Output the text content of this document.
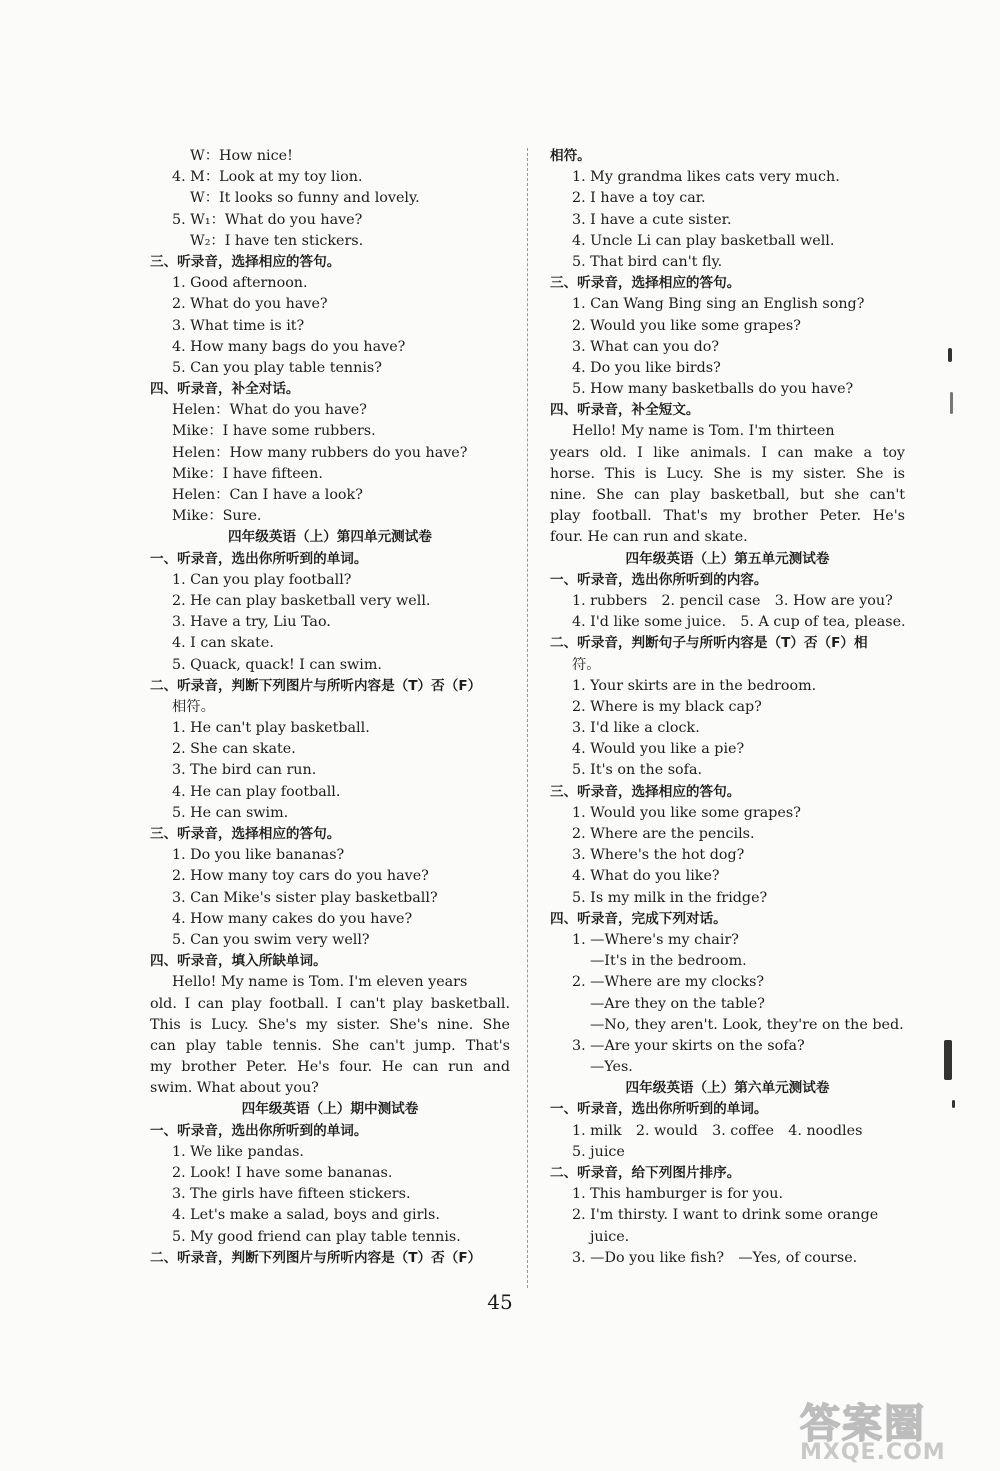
W：How nice!
4. M：Look at my toy lion.
W：It looks so funny and lovely.
5. W₁：What do you have?
W₂：I have ten stickers.
三、听录音，选择相应的答句。
1. Good afternoon.
2. What do you have?
3. What time is it?
4. How many bags do you have?
5. Can you play table tennis?
四、听录音，补全对话。
Helen：What do you have?
Mike：I have some rubbers.
Helen：How many rubbers do you have?
Mike：I have fifteen.
Helen：Can I have a look?
Mike：Sure.
四年级英语（上）第四单元测试卷
一、听录音，选出你所听到的单词。
1. Can you play football?
2. He can play basketball very well.
3. Have a try, Liu Tao.
4. I can skate.
5. Quack, quack! I can swim.
二、听录音，判断下列图片与所听内容是（T）否（F）
相符。
1. He can't play basketball.
2. She can skate.
3. The bird can run.
4. He can play football.
5. He can swim.
三、听录音，选择相应的答句。
1. Do you like bananas?
2. How many toy cars do you have?
3. Can Mike's sister play basketball?
4. How many cakes do you have?
5. Can you swim very well?
四、听录音，填入所缺单词。
Hello! My name is Tom. I'm eleven years
old. I can play football. I can't play basketball.
This is Lucy. She's my sister. She's nine. She
can play table tennis. She can't jump. That's
my brother Peter. He's four. He can run and
swim. What about you?
四年级英语（上）期中测试卷
一、听录音，选出你所听到的单词。
1. We like pandas.
2. Look! I have some bananas.
3. The girls have fifteen stickers.
4. Let's make a salad, boys and girls.
5. My good friend can play table tennis.
二、听录音，判断下列图片与所听内容是（T）否（F）
相符。
1. My grandma likes cats very much.
2. I have a toy car.
3. I have a cute sister.
4. Uncle Li can play basketball well.
5. That bird can't fly.
三、听录音，选择相应的答句。
1. Can Wang Bing sing an English song?
2. Would you like some grapes?
3. What can you do?
4. Do you like birds?
5. How many basketballs do you have?
四、听录音，补全短文。
Hello! My name is Tom. I'm thirteen
years old. I like animals. I can make a toy
horse. This is Lucy. She is my sister. She is
nine. She can play basketball, but she can't
play football. That's my brother Peter. He's
four. He can run and skate.
四年级英语（上）第五单元测试卷
一、听录音，选出你所听到的内容。
1. rubbers　2. pencil case　3. How are you?
4. I'd like some juice.　5. A cup of tea, please.
二、听录音，判断句子与所听内容是（T）否（F）相
符。
1. Your skirts are in the bedroom.
2. Where is my black cap?
3. I'd like a clock.
4. Would you like a pie?
5. It's on the sofa.
三、听录音，选择相应的答句。
1. Would you like some grapes?
2. Where are the pencils.
3. Where's the hot dog?
4. What do you like?
5. Is my milk in the fridge?
四、听录音，完成下列对话。
1. —Where's my chair?
—It's in the bedroom.
2. —Where are my clocks?
—Are they on the table?
—No, they aren't. Look, they're on the bed.
3. —Are your skirts on the sofa?
—Yes.
四年级英语（上）第六单元测试卷
一、听录音，选出你所听到的单词。
1. milk　2. would　3. coffee　4. noodles
5. juice
二、听录音，给下列图片排序。
1. This hamburger is for you.
2. I'm thirsty. I want to drink some orange
juice.
3. —Do you like fish?　—Yes, of course.
45
答案圈
MXQE.COM
